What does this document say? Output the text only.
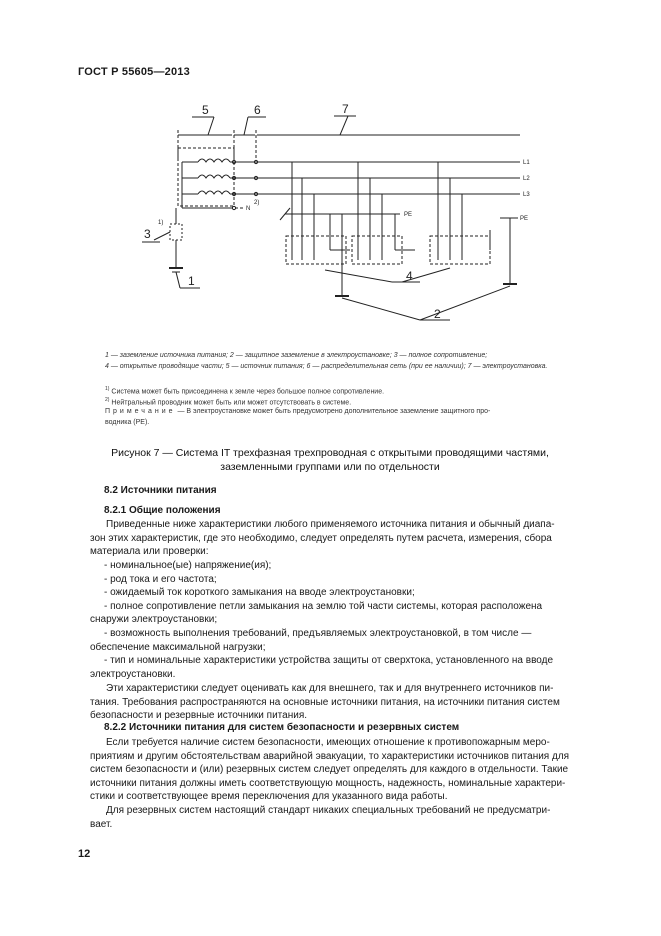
ГОСТ Р 55605—2013
5	6	7
3
1	4
2
L1
L2
L3
N
PE
PE
1)
2)
1 — заземление источника питания; 2 — защитное заземление в электроустановке; 3 — полное сопротивление;
4 — открытые проводящие части; 5 — источник питания; 6 — распределительная сеть (при ее наличии); 7 — электроустановка.
$^{1)}$ Система может быть присоединена к земле через большое полное сопротивление.
$^{2)}$ Нейтральный проводник может быть или может отсутствовать в системе.
Примечание — В электроустановке может быть предусмотрено дополнительное заземление защитного про-
водника (PE).
Рисунок 7 — Система IT трехфазная трехпроводная с открытыми проводящими частями,
заземленными группами или по отдельности
8.2 Источники питания
8.2.1 Общие положения
Приведенные ниже характеристики любого применяемого источника питания и обычный диапа-
зон этих характеристик, где это необходимо, следует определять путем расчета, измерения, сбора
материала или проверки:
- номинальное(ые) напряжение(ия);
- род тока и его частота;
- ожидаемый ток короткого замыкания на вводе электроустановки;
- полное сопротивление петли замыкания на землю той части системы, которая расположена
снаружи электроустановки;
- возможность выполнения требований, предъявляемых электроустановкой, в том числе —
обеспечение максимальной нагрузки;
- тип и номинальные характеристики устройства защиты от сверхтока, установленного на вводе
электроустановки.
Эти характеристики следует оценивать как для внешнего, так и для внутреннего источников пи-
тания. Требования распространяются на основные источники питания, на источники питания систем
безопасности и резервные источники питания.
8.2.2 Источники питания для систем безопасности и резервных систем
Если требуется наличие систем безопасности, имеющих отношение к противопожарным меро-
приятиям и другим обстоятельствам аварийной эвакуации, то характеристики источников питания для
систем безопасности и (или) резервных систем следует определять для каждого в отдельности. Такие
источники питания должны иметь соответствующую мощность, надежность, номинальные характери-
стики и соответствующее время переключения для указанного вида работы.
Для резервных систем настоящий стандарт никаких специальных требований не предусматри-
вает.
12
